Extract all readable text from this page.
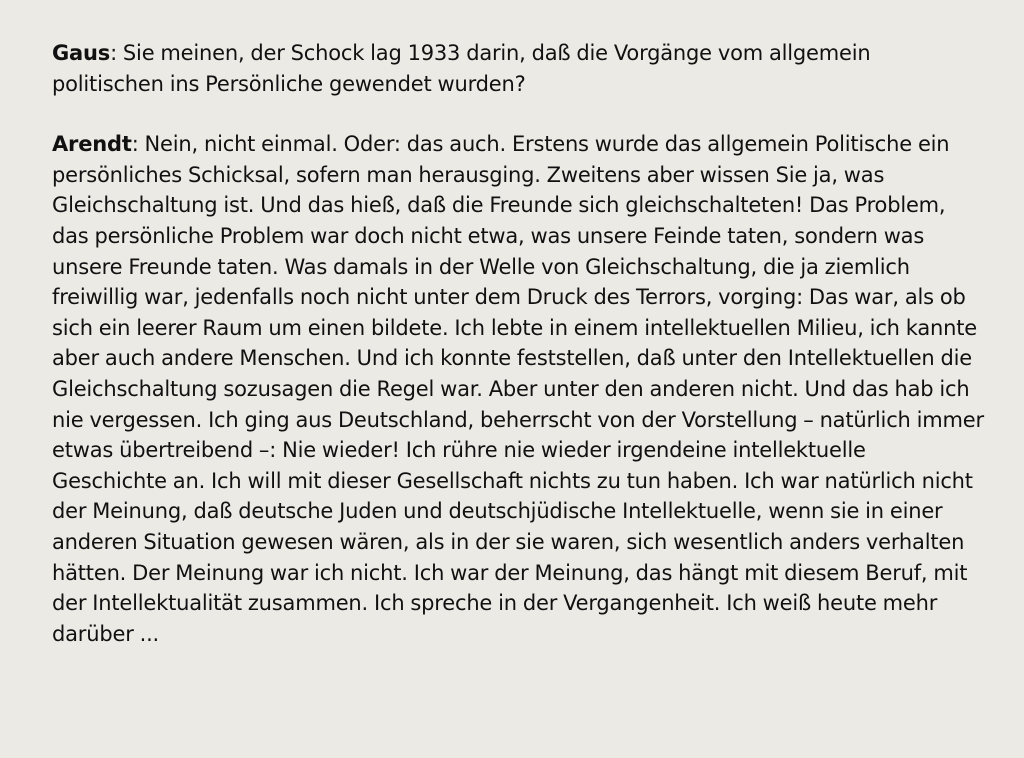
Gaus: Sie meinen, der Schock lag 1933 darin, daß die Vorgänge vom allgemein politischen ins Persönliche gewendet wurden?

Arendt: Nein, nicht einmal. Oder: das auch. Erstens wurde das allgemein Politische ein persönliches Schicksal, sofern man herausging. Zweitens aber wissen Sie ja, was Gleichschaltung ist. Und das hieß, daß die Freunde sich gleichschalteten! Das Problem, das persönliche Problem war doch nicht etwa, was unsere Feinde taten, sondern was unsere Freunde taten. Was damals in der Welle von Gleichschaltung, die ja ziemlich freiwillig war, jedenfalls noch nicht unter dem Druck des Terrors, vorging: Das war, als ob sich ein leerer Raum um einen bildete. Ich lebte in einem intellektuellen Milieu, ich kannte aber auch andere Menschen. Und ich konnte feststellen, daß unter den Intellektuellen die Gleichschaltung sozusagen die Regel war. Aber unter den anderen nicht. Und das hab ich nie vergessen. Ich ging aus Deutschland, beherrscht von der Vorstellung – natürlich immer etwas übertreibend –: Nie wieder! Ich rühre nie wieder irgendeine intellektuelle Geschichte an. Ich will mit dieser Gesellschaft nichts zu tun haben. Ich war natürlich nicht der Meinung, daß deutsche Juden und deutschjüdische Intellektuelle, wenn sie in einer anderen Situation gewesen wären, als in der sie waren, sich wesentlich anders verhalten hätten. Der Meinung war ich nicht. Ich war der Meinung, das hängt mit diesem Beruf, mit der Intellektualität zusammen. Ich spreche in der Vergangenheit. Ich weiß heute mehr darüber ...
